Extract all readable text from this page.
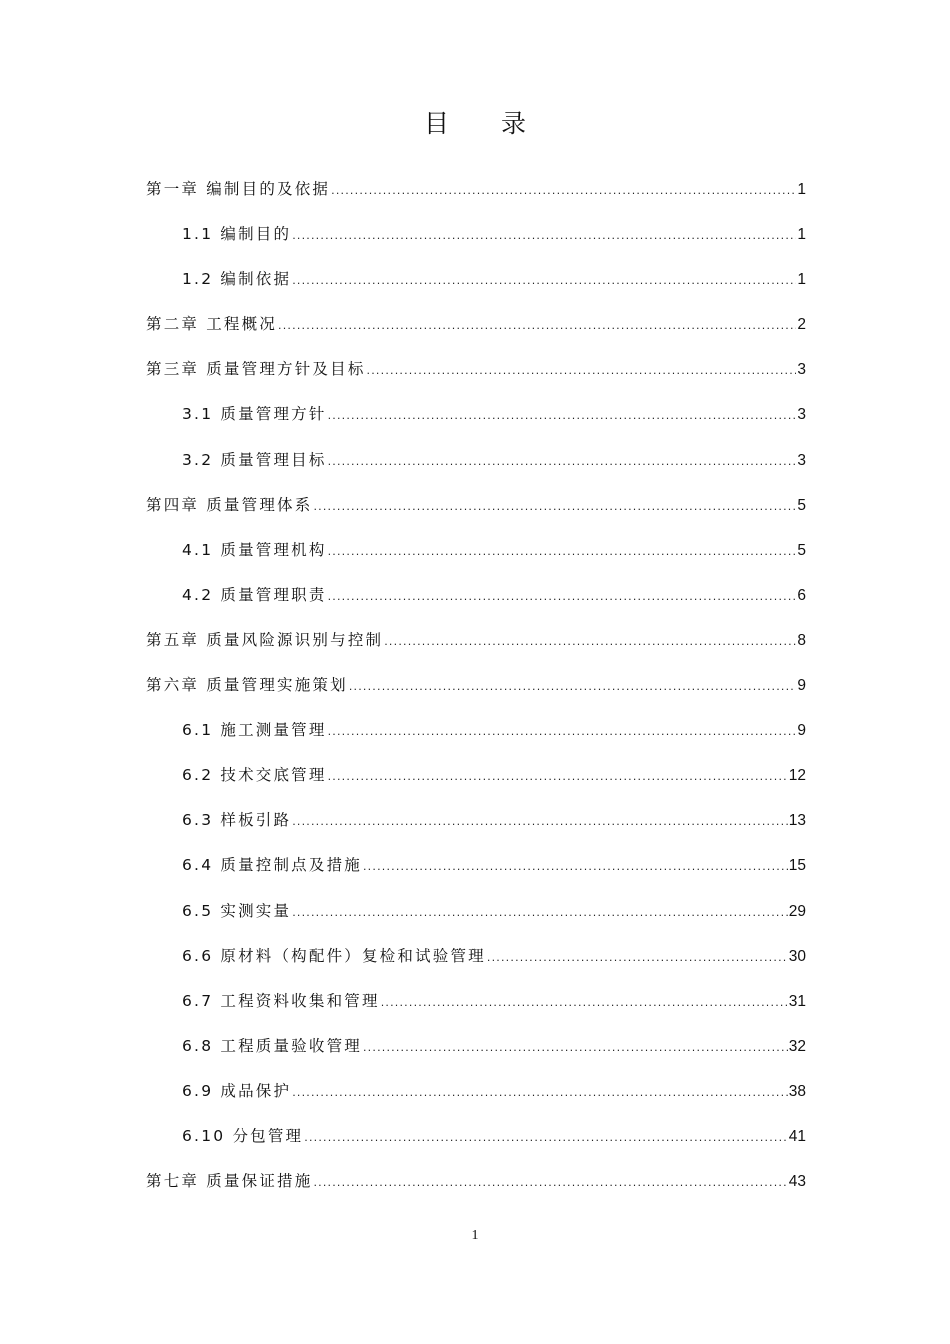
目 录
第一章 编制目的及依据 .....	1
1.1 编制目的 .....	1
1.2 编制依据 .....	1
第二章 工程概况 .....	2
第三章 质量管理方针及目标 .....	3
3.1 质量管理方针 .....	3
3.2 质量管理目标 .....	3
第四章 质量管理体系 .....	5
4.1 质量管理机构 .....	5
4.2 质量管理职责 .....	6
第五章 质量风险源识别与控制 .....	8
第六章 质量管理实施策划 .....	9
6.1 施工测量管理 .....	9
6.2 技术交底管理 .....	12
6.3 样板引路 .....	13
6.4 质量控制点及措施 .....	15
6.5 实测实量 .....	29
6.6 原材料（构配件）复检和试验管理 .....	30
6.7 工程资料收集和管理 .....	31
6.8 工程质量验收管理 .....	32
6.9 成品保护 .....	38
6.10 分包管理 .....	41
第七章 质量保证措施 .....	43
1
